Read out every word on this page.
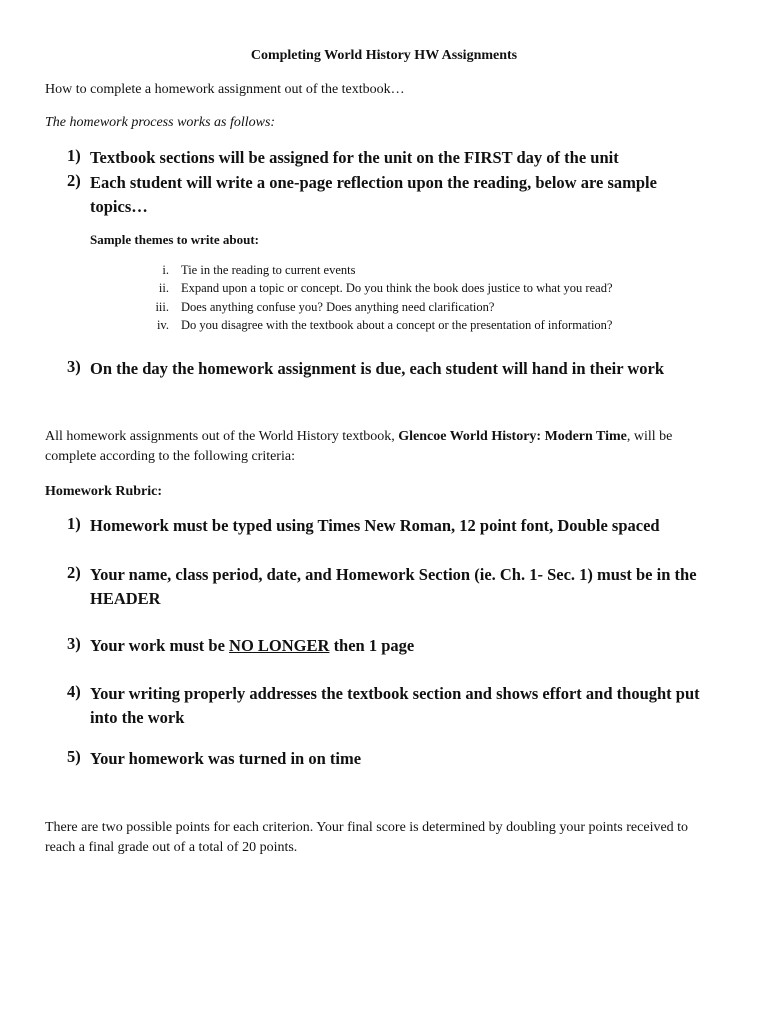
Completing World History HW Assignments
How to complete a homework assignment out of the textbook…
The homework process works as follows:
1) Textbook sections will be assigned for the unit on the FIRST day of the unit
2) Each student will write a one-page reflection upon the reading, below are sample topics…
Sample themes to write about:
i. Tie in the reading to current events
ii. Expand upon a topic or concept. Do you think the book does justice to what you read?
iii. Does anything confuse you? Does anything need clarification?
iv. Do you disagree with the textbook about a concept or the presentation of information?
3) On the day the homework assignment is due, each student will hand in their work
All homework assignments out of the World History textbook, Glencoe World History: Modern Time, will be complete according to the following criteria:
Homework Rubric:
1) Homework must be typed using Times New Roman, 12 point font, Double spaced
2) Your name, class period, date, and Homework Section (ie. Ch. 1- Sec. 1) must be in the HEADER
3) Your work must be NO LONGER then 1 page
4) Your writing properly addresses the textbook section and shows effort and thought put into the work
5) Your homework was turned in on time
There are two possible points for each criterion. Your final score is determined by doubling your points received to reach a final grade out of a total of 20 points.
